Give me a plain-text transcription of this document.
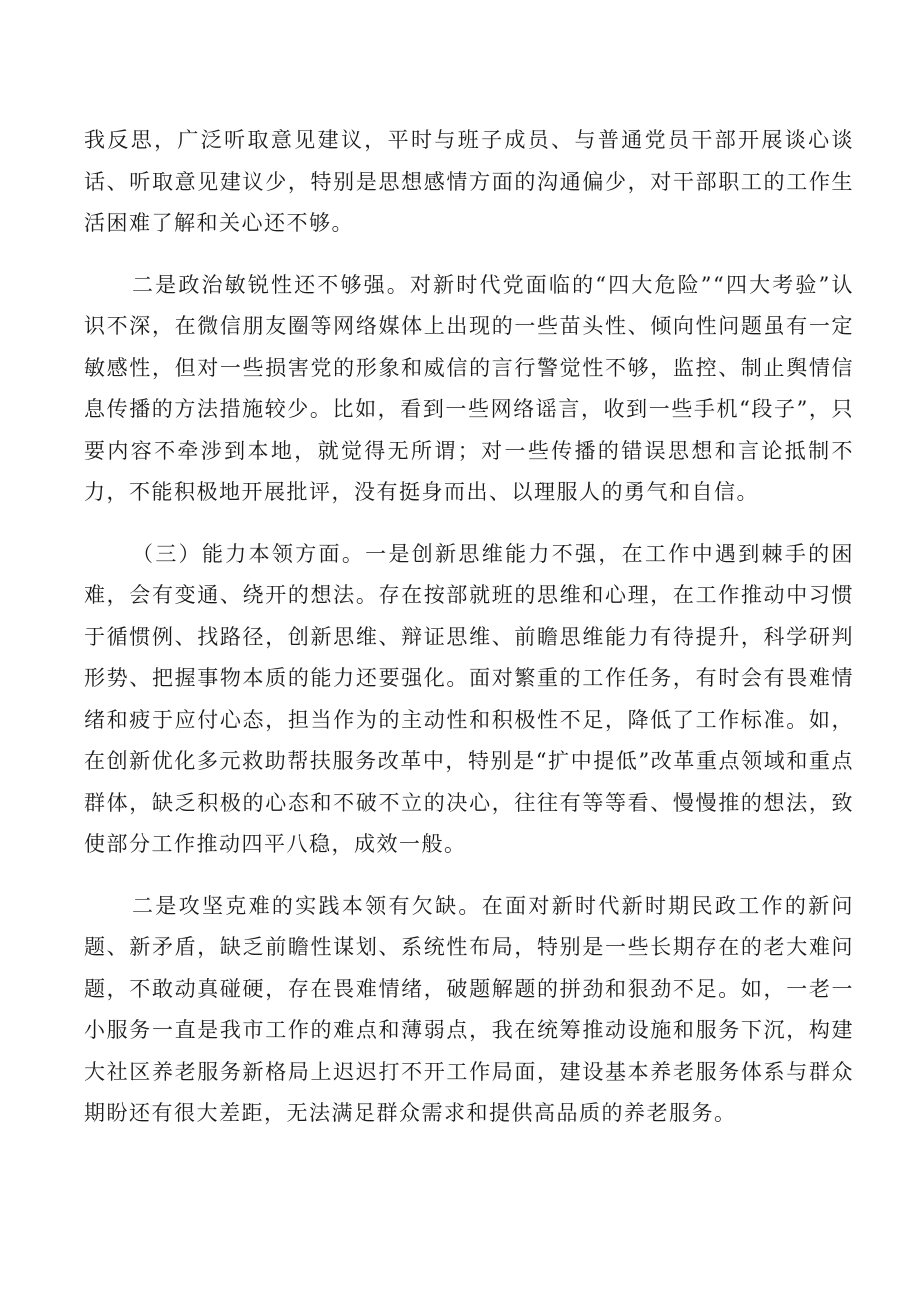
我反思，广泛听取意见建议，平时与班子成员、与普通党员干部开展谈心谈话、听取意见建议少，特别是思想感情方面的沟通偏少，对干部职工的工作生活困难了解和关心还不够。

二是政治敏锐性还不够强。对新时代党面临的“四大危险”“四大考验”认识不深，在微信朋友圈等网络媒体上出现的一些苗头性、倾向性问题虽有一定敏感性，但对一些损害党的形象和威信的言行警觉性不够，监控、制止舆情信息传播的方法措施较少。比如，看到一些网络谣言，收到一些手机“段子”，只要内容不牵涉到本地，就觉得无所谓；对一些传播的错误思想和言论抵制不力，不能积极地开展批评，没有挺身而出、以理服人的勇气和自信。

（三）能力本领方面。一是创新思维能力不强，在工作中遇到棘手的困难，会有变通、绕开的想法。存在按部就班的思维和心理，在工作推动中习惯于循惯例、找路径，创新思维、辩证思维、前瞻思维能力有待提升，科学研判形势、把握事物本质的能力还要强化。面对繁重的工作任务，有时会有畏难情绪和疲于应付心态，担当作为的主动性和积极性不足，降低了工作标准。如，在创新优化多元救助帮扶服务改革中，特别是“扩中提低”改革重点领域和重点群体，缺乏积极的心态和不破不立的决心，往往有等等看、慢慢推的想法，致使部分工作推动四平八稳，成效一般。

二是攻坚克难的实践本领有欠缺。在面对新时代新时期民政工作的新问题、新矛盾，缺乏前瞻性谋划、系统性布局，特别是一些长期存在的老大难问题，不敢动真碰硬，存在畏难情绪，破题解题的拼劲和狠劲不足。如，一老一小服务一直是我市工作的难点和薄弱点，我在统筹推动设施和服务下沉，构建大社区养老服务新格局上迟迟打不开工作局面，建设基本养老服务体系与群众期盼还有很大差距，无法满足群众需求和提供高品质的养老服务。
